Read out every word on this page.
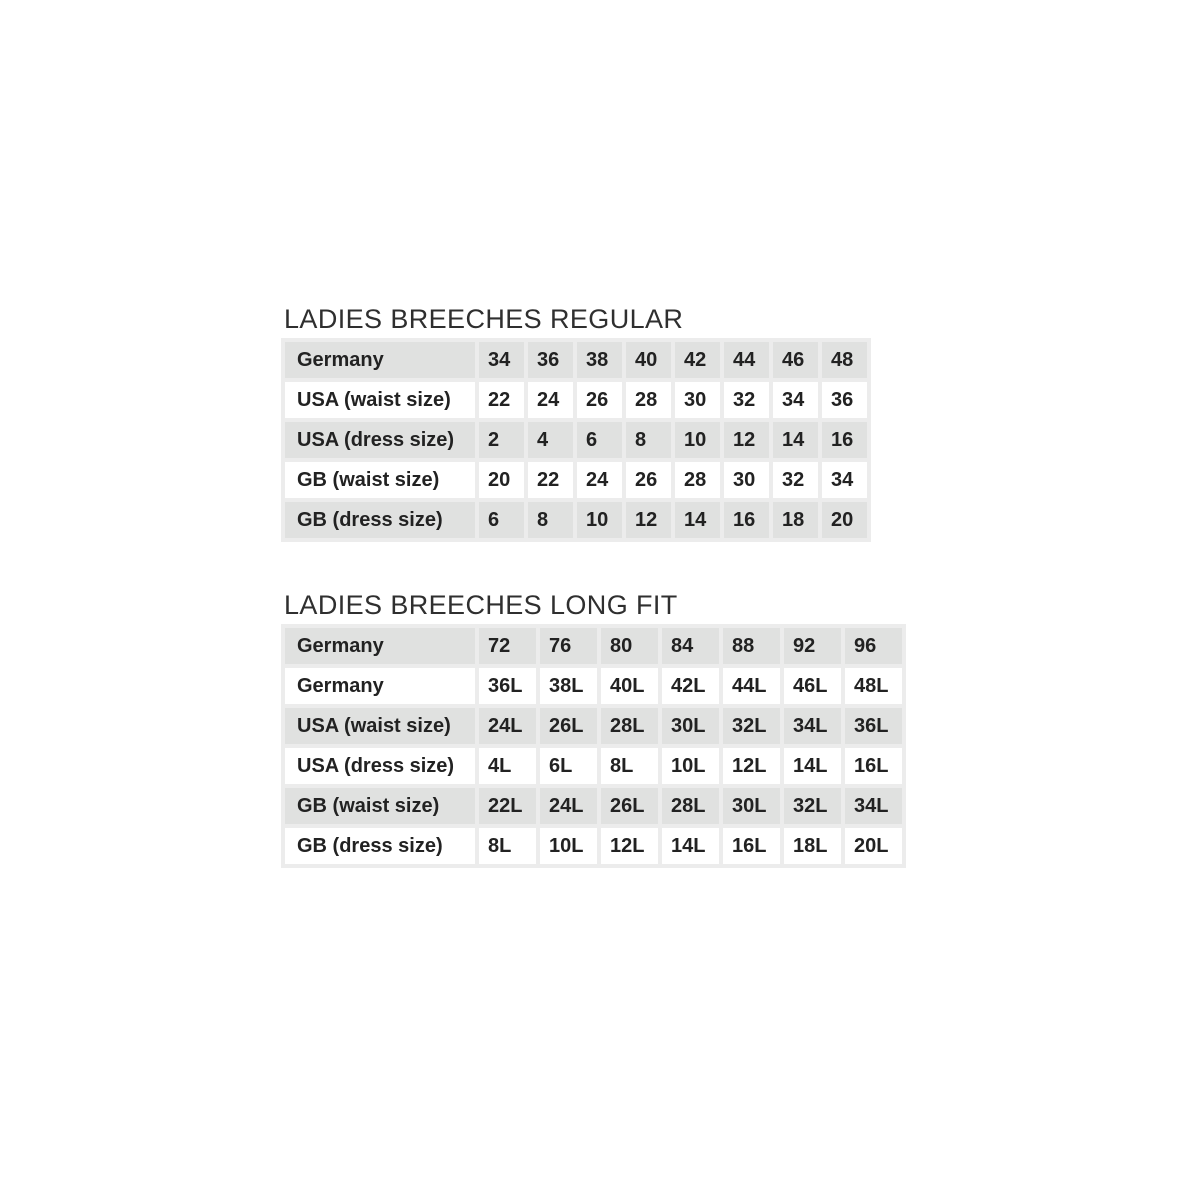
LADIES BREECHES REGULAR
Germany	34	36	38	40	42	44	46	48
USA (waist size)	22	24	26	28	30	32	34	36
USA (dress size)	2	4	6	8	10	12	14	16
GB (waist size)	20	22	24	26	28	30	32	34
GB (dress size)	6	8	10	12	14	16	18	20
LADIES BREECHES LONG FIT
Germany	72	76	80	84	88	92	96
Germany	36L	38L	40L	42L	44L	46L	48L
USA (waist size)	24L	26L	28L	30L	32L	34L	36L
USA (dress size)	4L	6L	8L	10L	12L	14L	16L
GB (waist size)	22L	24L	26L	28L	30L	32L	34L
GB (dress size)	8L	10L	12L	14L	16L	18L	20L
